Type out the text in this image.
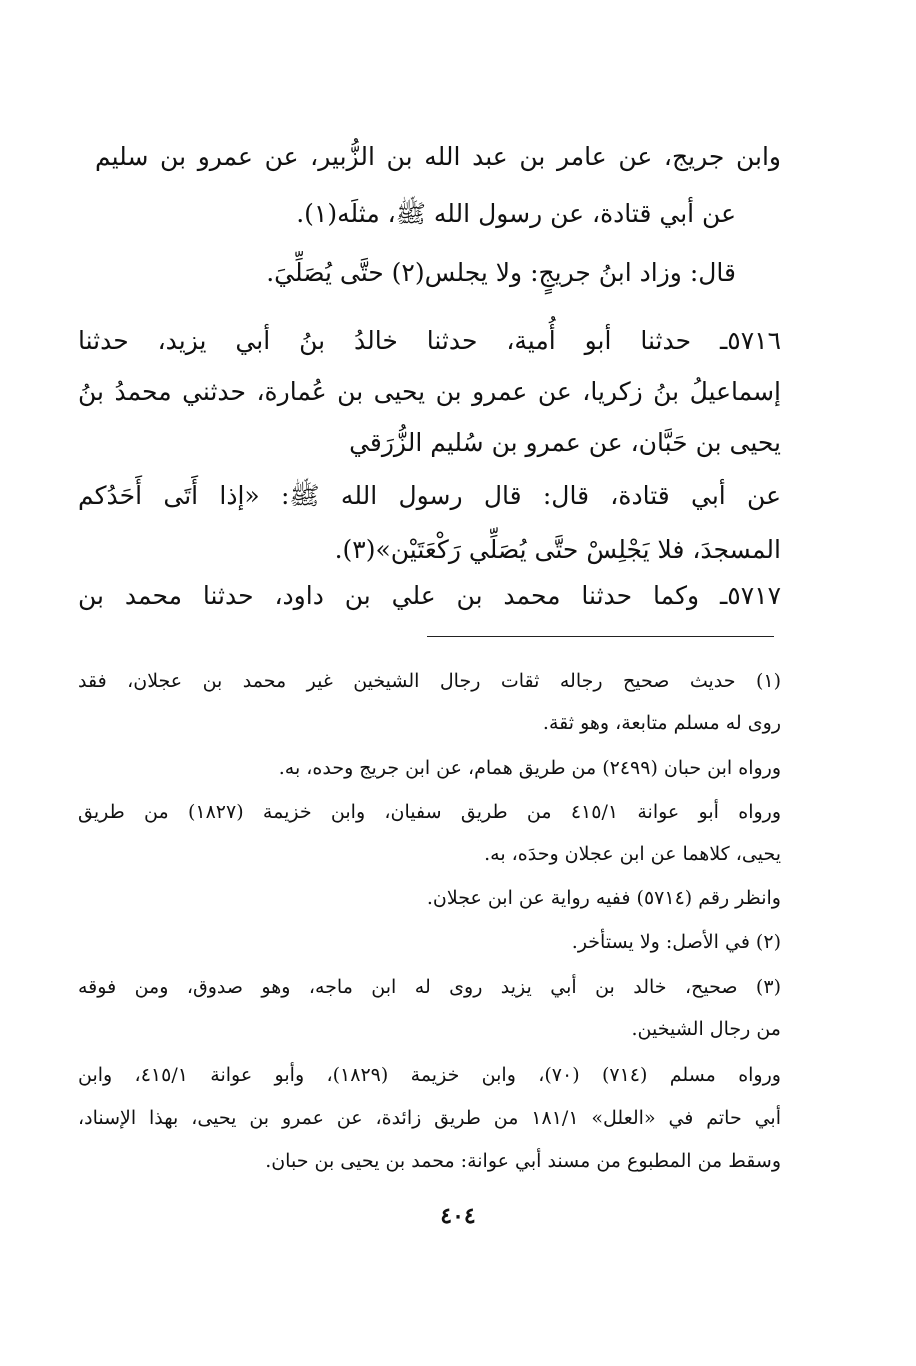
وابن جريج، عن عامر بن عبد الله بن الزُّبير، عن عمرو بن سليم

عن أبي قتادة، عن رسول الله ﷺ، مثلَه(١).

قال: وزاد ابنُ جريجٍ: ولا يجلس(٢) حتَّى يُصَلِّيَ.

٥٧١٦ـ حدثنا أبو أُمية، حدثنا خالدُ بنُ أبي يزيد، حدثنا

إسماعيلُ بنُ زكريا، عن عمرو بن يحيى بن عُمارة، حدثني محمدُ بنُ

يحيى بن حَبَّان، عن عمرو بن سُليم الزُّرَقي

عن أبي قتادة، قال: قال رسول الله ﷺ: «إذا أَتَى أَحَدُكم

المسجدَ، فلا يَجْلِسْ حتَّى يُصَلِّي رَكْعَتَيْن»(٣).

٥٧١٧ـ وكما حدثنا محمد بن علي بن داود، حدثنا محمد بن

(١) حديث صحيح رجاله ثقات رجال الشيخين غير محمد بن عجلان، فقد

روى له مسلم متابعة، وهو ثقة.

ورواه ابن حبان (٢٤٩٩) من طريق همام، عن ابن جريج وحده، به.

ورواه أبو عوانة ٤١٥/١ من طريق سفيان، وابن خزيمة (١٨٢٧) من طريق

يحيى، كلاهما عن ابن عجلان وحدَه، به.

وانظر رقم (٥٧١٤) ففيه رواية عن ابن عجلان.

(٢) في الأصل: ولا يستأخر.

(٣) صحيح، خالد بن أبي يزيد روى له ابن ماجه، وهو صدوق، ومن فوقه

من رجال الشيخين.

ورواه مسلم (٧١٤) (٧٠)، وابن خزيمة (١٨٢٩)، وأبو عوانة ٤١٥/١، وابن

أبي حاتم في «العلل» ١٨١/١ من طريق زائدة، عن عمرو بن يحيى، بهذا الإسناد،

وسقط من المطبوع من مسند أبي عوانة: محمد بن يحيى بن حبان.

٤٠٤
